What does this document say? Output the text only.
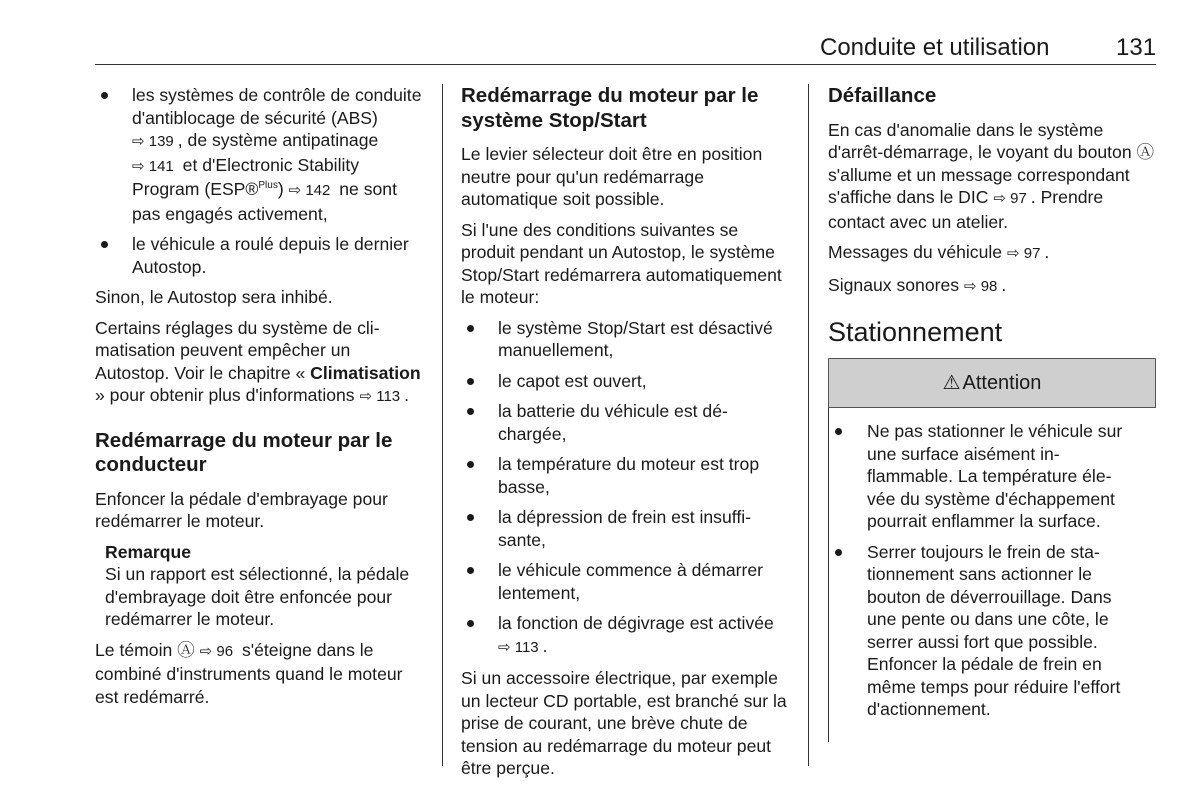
Conduite et utilisation	131
les systèmes de contrôle de conduite d'antiblocage de sécurité (ABS) ⇨ 139 , de système antipatinage ⇨ 141 et d'Electronic Stability Program (ESP®$^{Plus}$) ⇨ 142 ne sont pas engagés activement,
le véhicule a roulé depuis le dernier Autostop.

Sinon, le Autostop sera inhibé.

Certains réglages du système de climatisation peuvent empêcher un Autostop. Voir le chapitre « Climatisation » pour obtenir plus d'informations ⇨ 113 .

Redémarrage du moteur par le conducteur

Enfoncer la pédale d'embrayage pour redémarrer le moteur.

Remarque
Si un rapport est sélectionné, la pédale d'embrayage doit être enfoncée pour redémarrer le moteur.

Le témoin Ⓐ ⇨ 96 s'éteigne dans le combiné d'instruments quand le moteur est redémarré.

Redémarrage du moteur par le système Stop/Start

Le levier sélecteur doit être en position neutre pour qu'un redémarrage automatique soit possible.

Si l'une des conditions suivantes se produit pendant un Autostop, le système Stop/Start redémarrera automatiquement le moteur:

le système Stop/Start est désactivé manuellement,
le capot est ouvert,
la batterie du véhicule est déchargée,
la température du moteur est trop basse,
la dépression de frein est insuffisante,
le véhicule commence à démarrer lentement,
la fonction de dégivrage est activée ⇨ 113 .

Si un accessoire électrique, par exemple un lecteur CD portable, est branché sur la prise de courant, une brève chute de tension au redémarrage du moteur peut être perçue.

Défaillance

En cas d'anomalie dans le système d'arrêt-démarrage, le voyant du bouton Ⓐ s'allume et un message correspondant s'affiche dans le DIC ⇨ 97 . Prendre contact avec un atelier.

Messages du véhicule ⇨ 97 .

Signaux sonores ⇨ 98 .

Stationnement
⚠ Attention
Ne pas stationner le véhicule sur une surface aisément inflammable. La température élevée du système d'échappement pourrait enflammer la surface.
Serrer toujours le frein de stationnement sans actionner le bouton de déverrouillage. Dans une pente ou dans une côte, le serrer aussi fort que possible. Enfoncer la pédale de frein en même temps pour réduire l'effort d'actionnement.
